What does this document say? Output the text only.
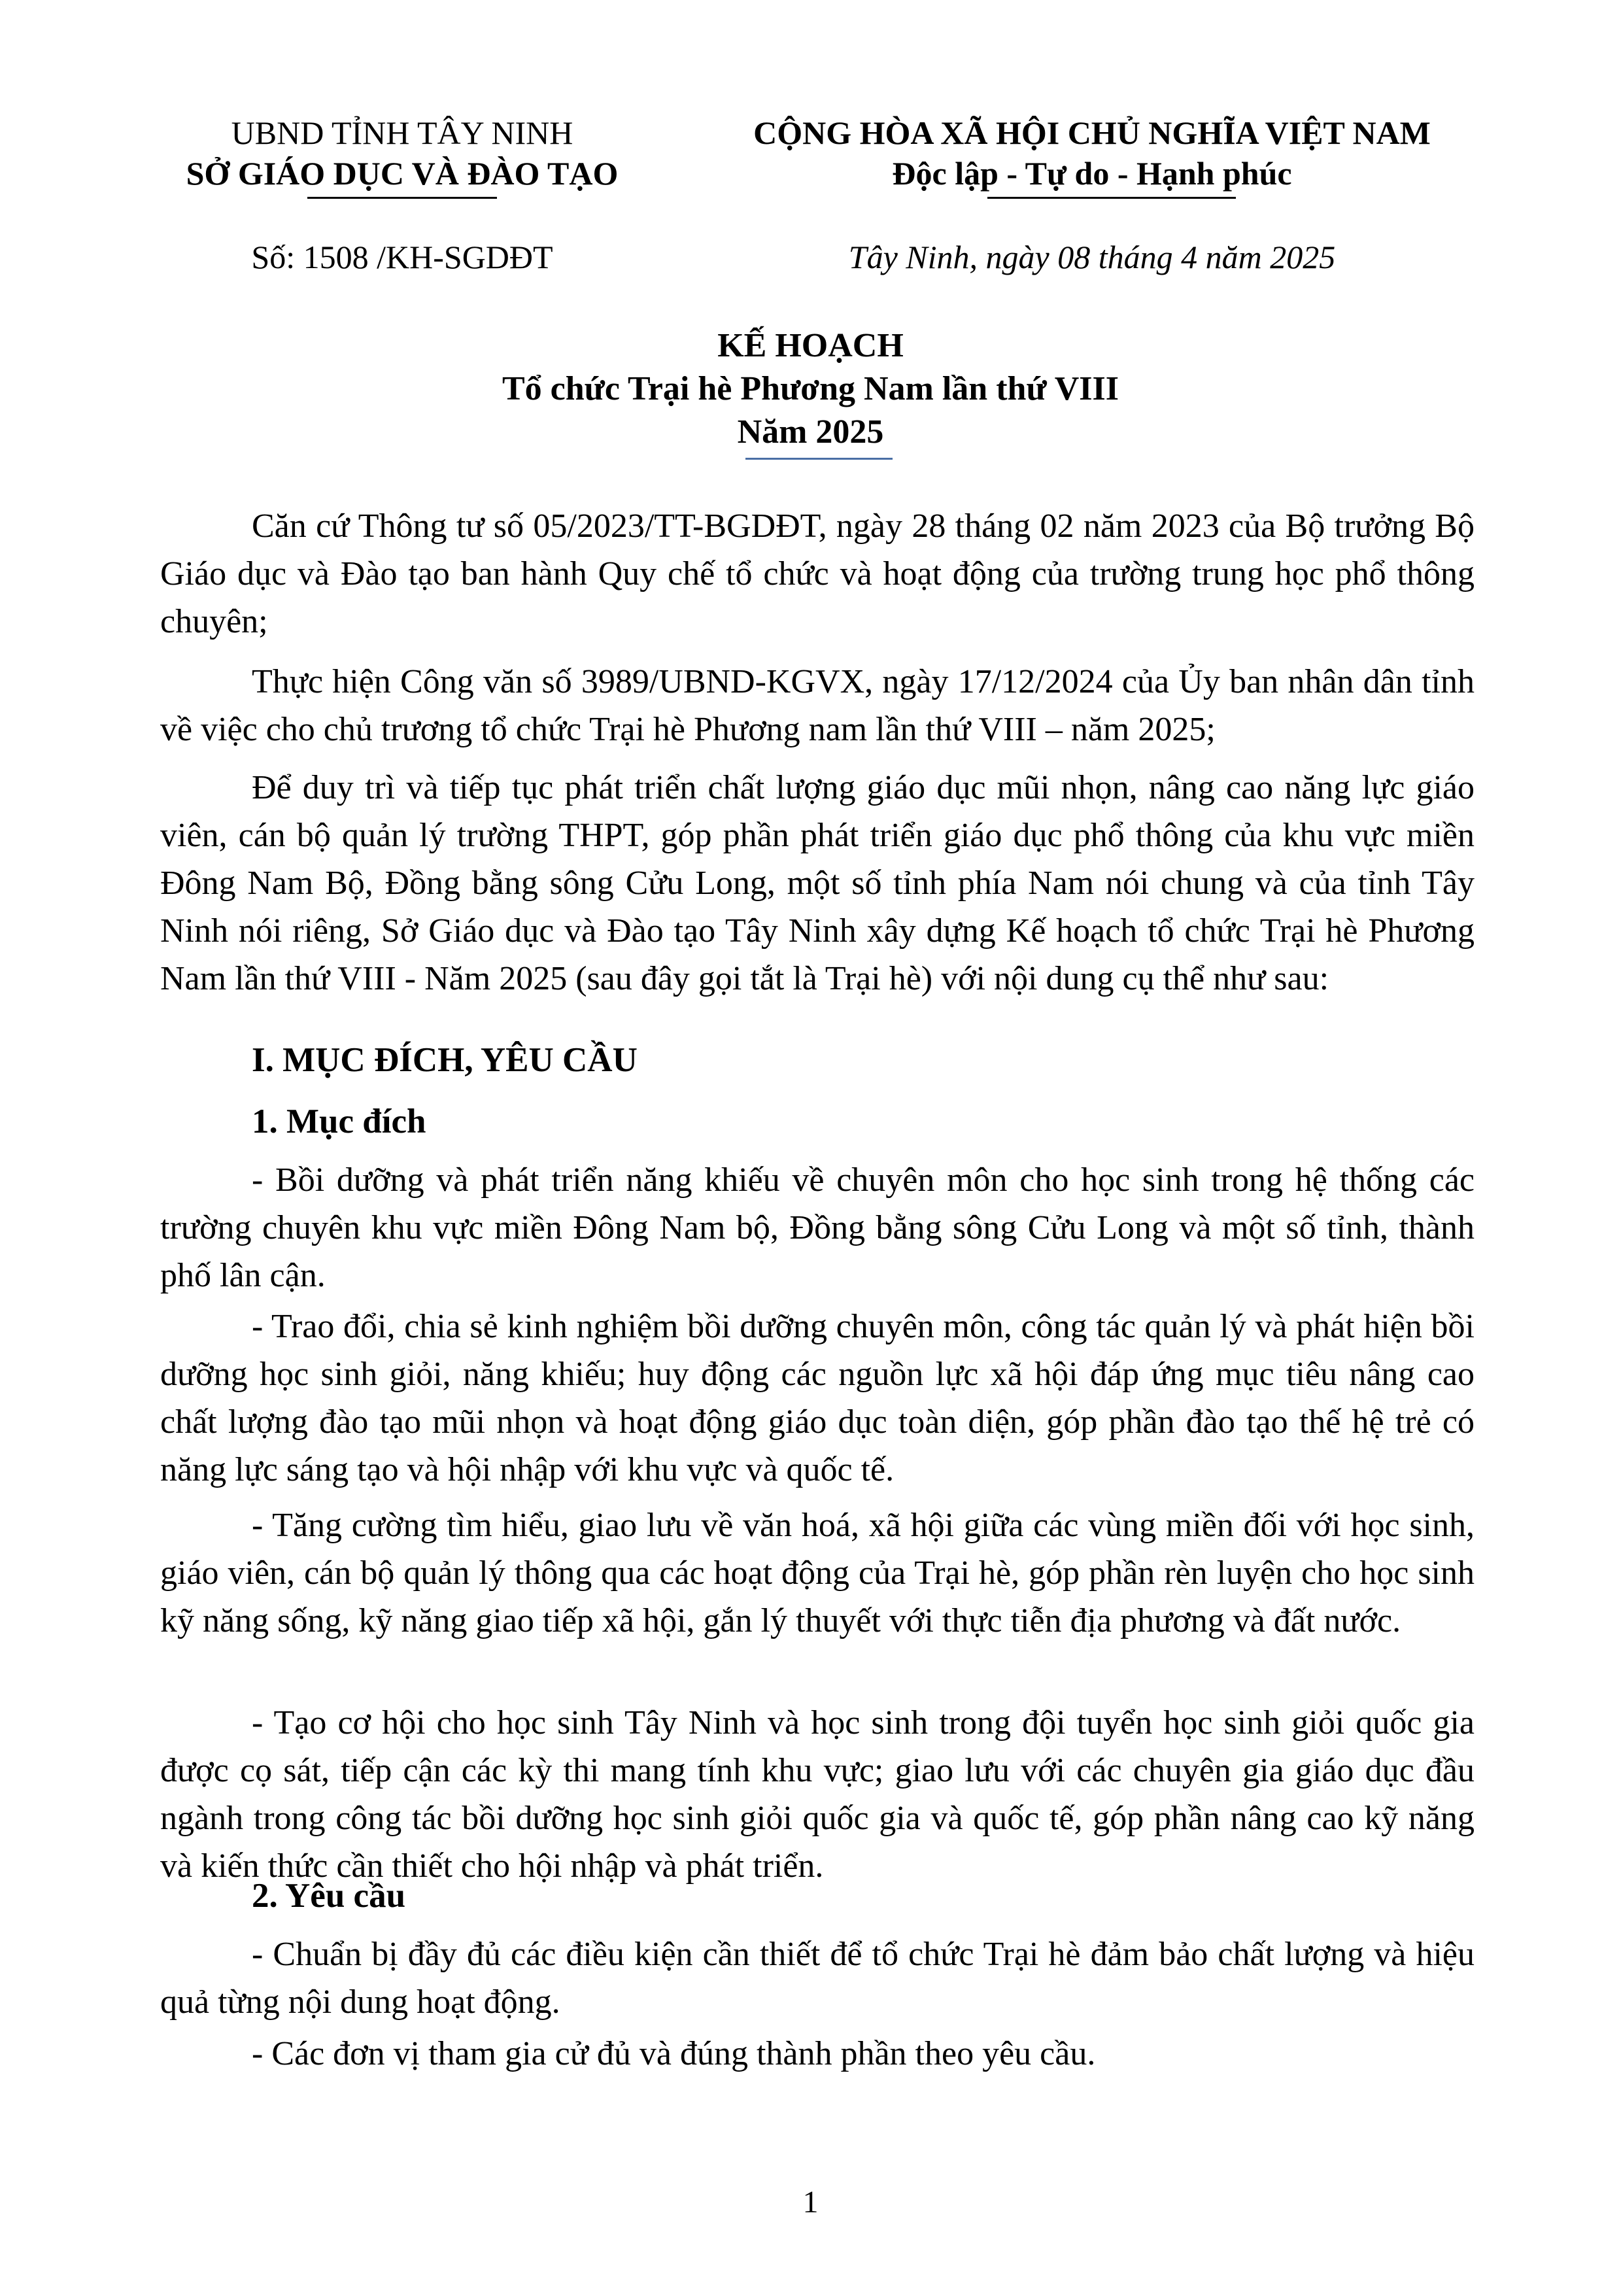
UBND TỈNH TÂY NINH
SỞ GIÁO DỤC VÀ ĐÀO TẠO
CỘNG HÒA XÃ HỘI CHỦ NGHĨA VIỆT NAM
Độc lập - Tự do - Hạnh phúc
Số: 1508 /KH-SGDĐT	Tây Ninh, ngày 08 tháng 4 năm 2025
KẾ HOẠCH
Tổ chức Trại hè Phương Nam lần thứ VIII
Năm 2025
Căn cứ Thông tư số 05/2023/TT-BGDĐT, ngày 28 tháng 02 năm 2023 của Bộ trưởng Bộ Giáo dục và Đào tạo ban hành Quy chế tổ chức và hoạt động của trường trung học phổ thông chuyên;
Thực hiện Công văn số 3989/UBND-KGVX, ngày 17/12/2024 của Ủy ban nhân dân tỉnh về việc cho chủ trương tổ chức Trại hè Phương nam lần thứ VIII – năm 2025;
Để duy trì và tiếp tục phát triển chất lượng giáo dục mũi nhọn, nâng cao năng lực giáo viên, cán bộ quản lý trường THPT, góp phần phát triển giáo dục phổ thông của khu vực miền Đông Nam Bộ, Đồng bằng sông Cửu Long, một số tỉnh phía Nam nói chung và của tỉnh Tây Ninh nói riêng, Sở Giáo dục và Đào tạo Tây Ninh xây dựng Kế hoạch tổ chức Trại hè Phương Nam lần thứ VIII - Năm 2025 (sau đây gọi tắt là Trại hè) với nội dung cụ thể như sau:
I. MỤC ĐÍCH, YÊU CẦU
1. Mục đích
- Bồi dưỡng và phát triển năng khiếu về chuyên môn cho học sinh trong hệ thống các trường chuyên khu vực miền Đông Nam bộ, Đồng bằng sông Cửu Long và một số tỉnh, thành phố lân cận.
- Trao đổi, chia sẻ kinh nghiệm bồi dưỡng chuyên môn, công tác quản lý và phát hiện bồi dưỡng học sinh giỏi, năng khiếu; huy động các nguồn lực xã hội đáp ứng mục tiêu nâng cao chất lượng đào tạo mũi nhọn và hoạt động giáo dục toàn diện, góp phần đào tạo thế hệ trẻ có năng lực sáng tạo và hội nhập với khu vực và quốc tế.
- Tăng cường tìm hiểu, giao lưu về văn hoá, xã hội giữa các vùng miền đối với học sinh, giáo viên, cán bộ quản lý thông qua các hoạt động của Trại hè, góp phần rèn luyện cho học sinh kỹ năng sống, kỹ năng giao tiếp xã hội, gắn lý thuyết với thực tiễn địa phương và đất nước.
- Tạo cơ hội cho học sinh Tây Ninh và học sinh trong đội tuyển học sinh giỏi quốc gia được cọ sát, tiếp cận các kỳ thi mang tính khu vực; giao lưu với các chuyên gia giáo dục đầu ngành trong công tác bồi dưỡng học sinh giỏi quốc gia và quốc tế, góp phần nâng cao kỹ năng và kiến thức cần thiết cho hội nhập và phát triển.
2. Yêu cầu
- Chuẩn bị đầy đủ các điều kiện cần thiết để tổ chức Trại hè đảm bảo chất lượng và hiệu quả từng nội dung hoạt động.
- Các đơn vị tham gia cử đủ và đúng thành phần theo yêu cầu.
1
